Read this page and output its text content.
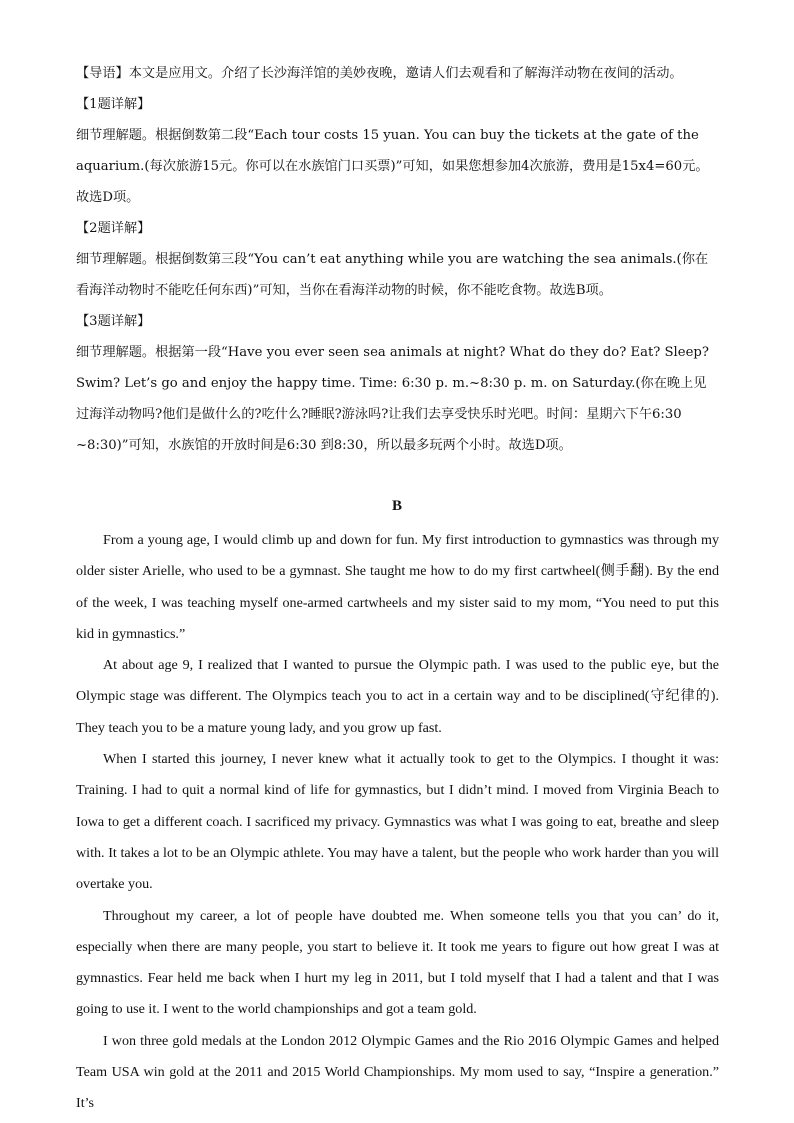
【导语】本文是应用文。介绍了长沙海洋馆的美妙夜晚，邀请人们去观看和了解海洋动物在夜间的活动。

【1题详解】

细节理解题。根据倒数第二段“Each tour costs 15 yuan. You can buy the tickets at the gate of the aquarium.(每次旅游15元。你可以在水族馆门口买票)”可知，如果您想参加4次旅游，费用是15x4=60元。故选D项。

【2题详解】

细节理解题。根据倒数第三段“You can’t eat anything while you are watching the sea animals.(你在看海洋动物时不能吃任何东西)”可知，当你在看海洋动物的时候，你不能吃食物。故选B项。

【3题详解】

细节理解题。根据第一段“Have you ever seen sea animals at night? What do they do? Eat? Sleep? Swim? Let’s go and enjoy the happy time. Time: 6:30 p. m.~8:30 p. m. on Saturday.(你在晚上见过海洋动物吗?他们是做什么的?吃什么?睡眠?游泳吗?让我们去享受快乐时光吧。时间：星期六下午6:30 ~8:30)”可知，水族馆的开放时间是6:30 到8:30，所以最多玩两个小时。故选D项。

B

From a young age, I would climb up and down for fun. My first introduction to gymnastics was through my older sister Arielle, who used to be a gymnast. She taught me how to do my first cartwheel(侧手翻). By the end of the week, I was teaching myself one-armed cartwheels and my sister said to my mom, “You need to put this kid in gymnastics.”

At about age 9, I realized that I wanted to pursue the Olympic path. I was used to the public eye, but the Olympic stage was different. The Olympics teach you to act in a certain way and to be disciplined(守纪律的). They teach you to be a mature young lady, and you grow up fast.

When I started this journey, I never knew what it actually took to get to the Olympics. I thought it was: Training. I had to quit a normal kind of life for gymnastics, but I didn’t mind. I moved from Virginia Beach to Iowa to get a different coach. I sacrificed my privacy. Gymnastics was what I was going to eat, breathe and sleep with. It takes a lot to be an Olympic athlete. You may have a talent, but the people who work harder than you will overtake you.

Throughout my career, a lot of people have doubted me. When someone tells you that you can’ do it, especially when there are many people, you start to believe it. It took me years to figure out how great I was at gymnastics. Fear held me back when I hurt my leg in 2011, but I told myself that I had a talent and that I was going to use it. I went to the world championships and got a team gold.

I won three gold medals at the London 2012 Olympic Games and the Rio 2016 Olympic Games and helped Team USA win gold at the 2011 and 2015 World Championships. My mom used to say, “Inspire a generation.” It’s
